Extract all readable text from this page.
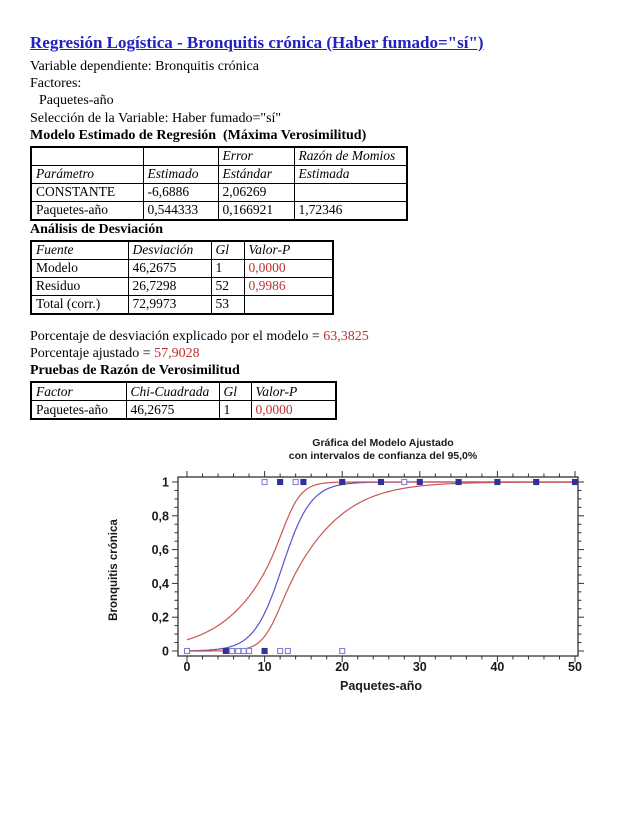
Regresión Logística - Bronquitis crónica (Haber fumado="sí")

Variable dependiente: Bronquitis crónica

Factores:

Paquetes-año

Selección de la Variable: Haber fumado="sí"

Modelo Estimado de Regresión  (Máxima Verosimilitud)
		Error	Razón de Momios
Parámetro	Estimado	Estándar	Estimada
CONSTANTE	-6,6886	2,06269	
Paquetes-año	0,544333	0,166921	1,72346
Análisis de Desviación
Fuente	Desviación	Gl	Valor-P
Modelo	46,2675	1	0,0000
Residuo	26,7298	52	0,9986
Total (corr.)	72,9973	53	

Porcentaje de desviación explicado por el modelo = 63,3825

Porcentaje ajustado = 57,9028

Pruebas de Razón de Verosimilitud
Factor	Chi-Cuadrada	Gl	Valor-P
Paquetes-año	46,2675	1	0,0000
Gráfica del Modelo Ajustado
con intervalos de confianza del 95,0%
0	10	20	30	40	50
0
0,2
0,4
0,6
0,8
1
Paquetes-año
Bronquitis crónica
